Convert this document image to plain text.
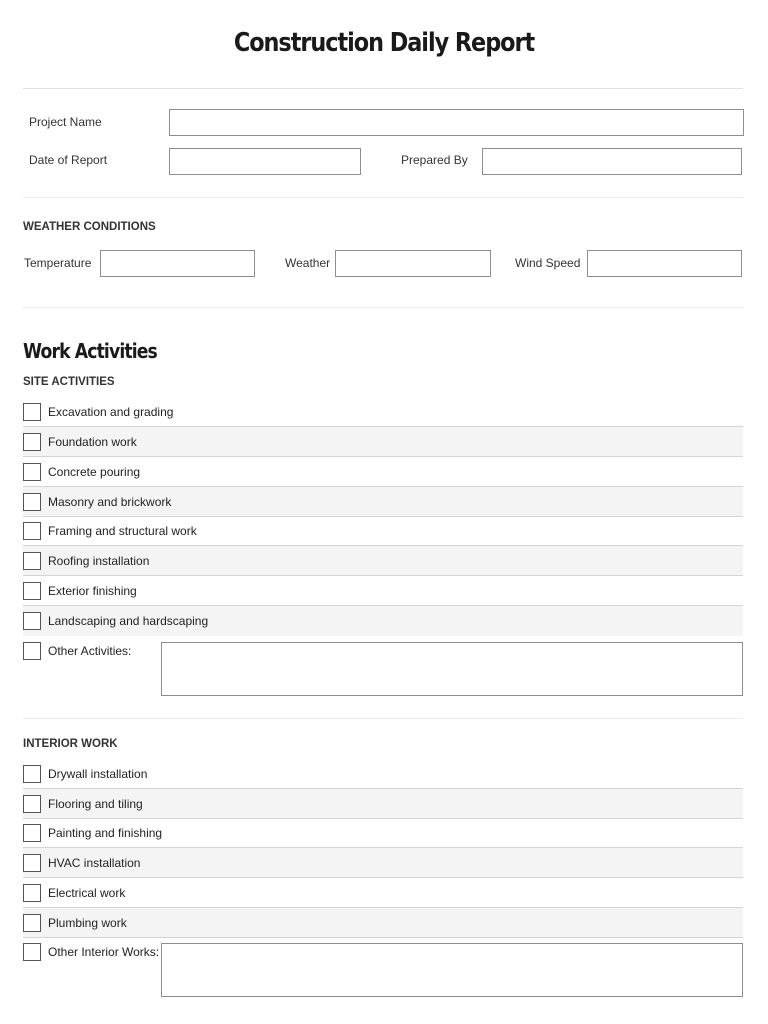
Construction Daily Report
Project Name
Date of Report	Prepared By
WEATHER CONDITIONS
Temperature	Weather	Wind Speed
Work Activities
SITE ACTIVITIES
Excavation and grading
Foundation work
Concrete pouring
Masonry and brickwork
Framing and structural work
Roofing installation
Exterior finishing
Landscaping and hardscaping
Other Activities:
INTERIOR WORK
Drywall installation
Flooring and tiling
Painting and finishing
HVAC installation
Electrical work
Plumbing work
Other Interior Works:
